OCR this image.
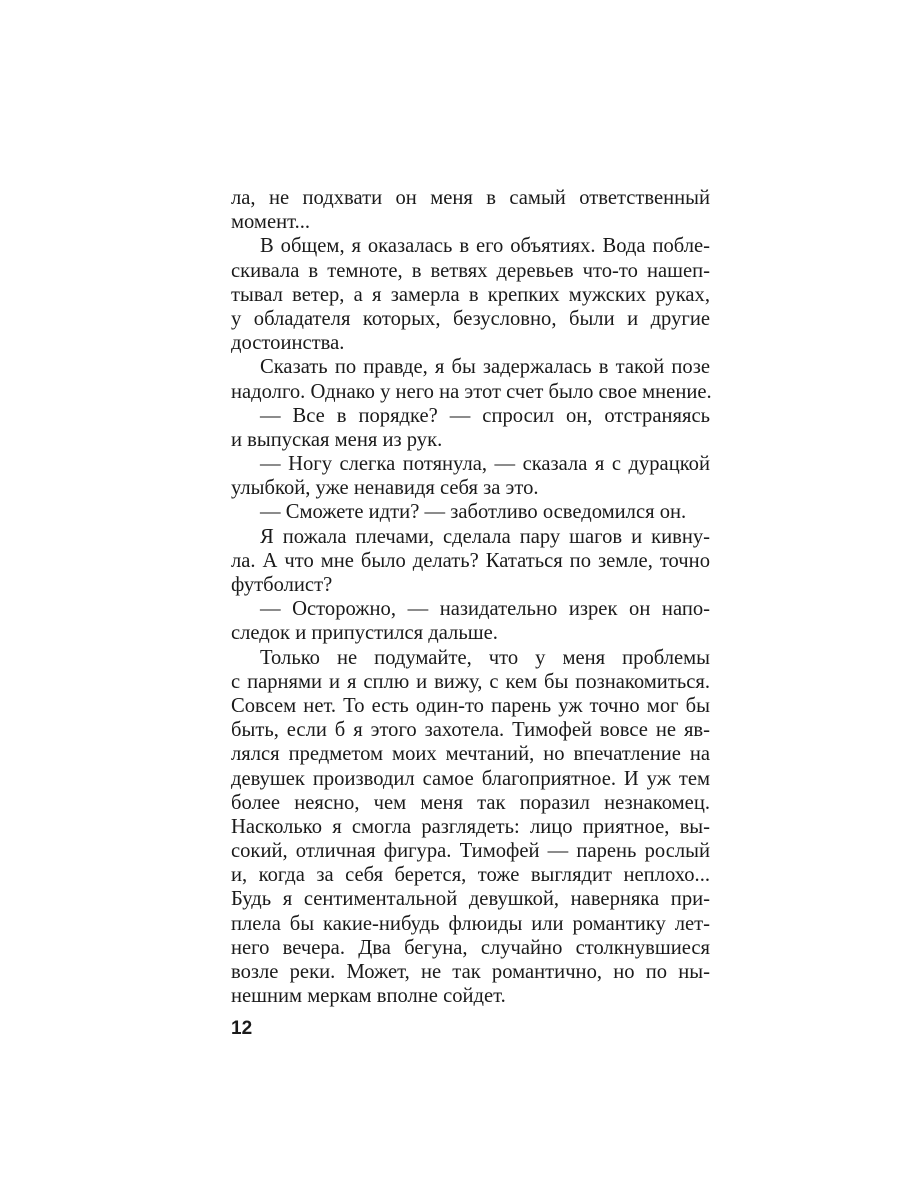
ла, не подхвати он меня в самый ответственный
момент...
В общем, я оказалась в его объятиях. Вода побле-
скивала в темноте, в ветвях деревьев что-то нашеп-
тывал ветер, а я замерла в крепких мужских руках,
у обладателя которых, безусловно, были и другие
достоинства.
Сказать по правде, я бы задержалась в такой позе
надолго. Однако у него на этот счет было свое мнение.
— Все в порядке? — спросил он, отстраняясь
и выпуская меня из рук.
— Ногу слегка потянула, — сказала я с дурацкой
улыбкой, уже ненавидя себя за это.
— Сможете идти? — заботливо осведомился он.
Я пожала плечами, сделала пару шагов и кивну-
ла. А что мне было делать? Кататься по земле, точно
футболист?
— Осторожно, — назидательно изрек он напо-
следок и припустился дальше.
Только не подумайте, что у меня проблемы
с парнями и я сплю и вижу, с кем бы познакомиться.
Совсем нет. То есть один-то парень уж точно мог бы
быть, если б я этого захотела. Тимофей вовсе не яв-
лялся предметом моих мечтаний, но впечатление на
девушек производил самое благоприятное. И уж тем
более неясно, чем меня так поразил незнакомец.
Насколько я смогла разглядеть: лицо приятное, вы-
сокий, отличная фигура. Тимофей — парень рослый
и, когда за себя берется, тоже выглядит неплохо...
Будь я сентиментальной девушкой, наверняка при-
плела бы какие-нибудь флюиды или романтику лет-
него вечера. Два бегуна, случайно столкнувшиеся
возле реки. Может, не так романтично, но по ны-
нешним меркам вполне сойдет.
12
